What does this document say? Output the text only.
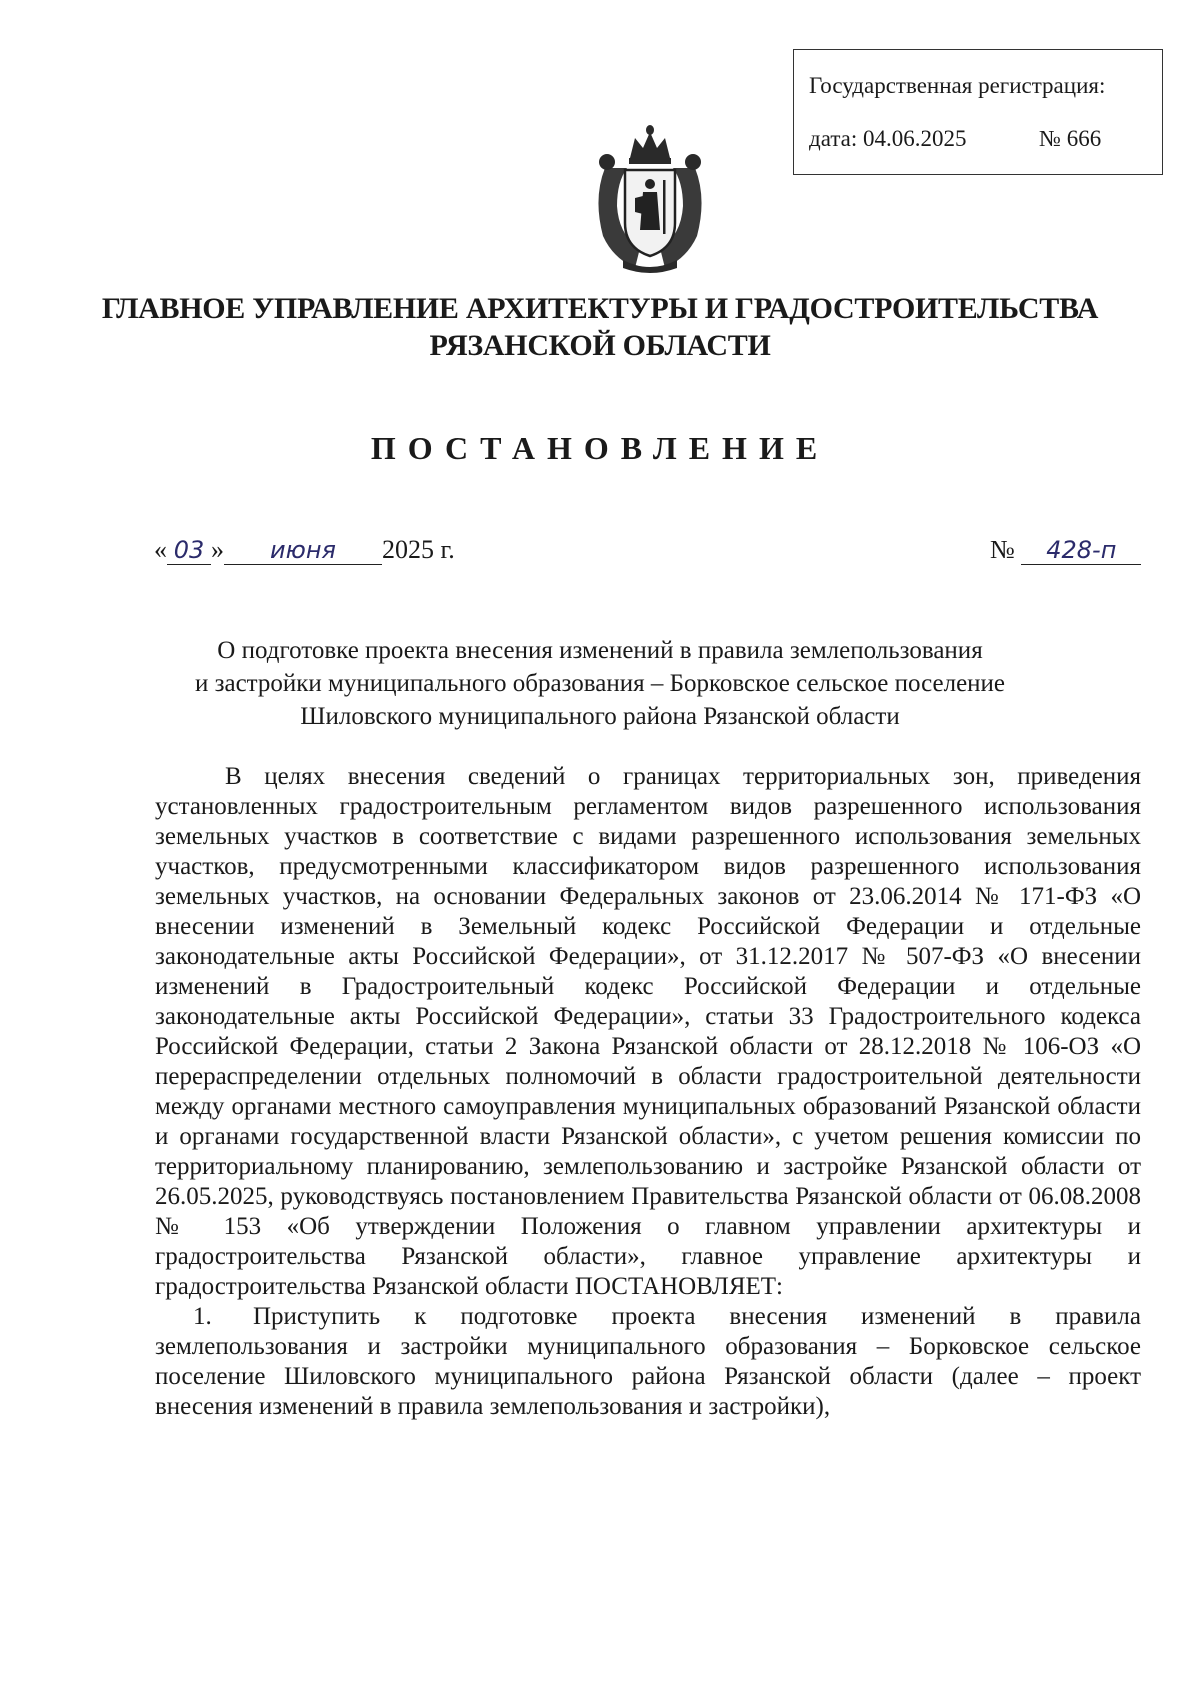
Государственная регистрация:
дата: 04.06.2025	№ 666
ГЛАВНОЕ УПРАВЛЕНИЕ АРХИТЕКТУРЫ И ГРАДОСТРОИТЕЛЬСТВА
РЯЗАНСКОЙ ОБЛАСТИ
ПОСТАНОВЛЕНИЕ
« 03 » июня 2025 г.	№ 428-п
О подготовке проекта внесения изменений в правила землепользования
и застройки муниципального образования – Борковское сельское поселение
Шиловского муниципального района Рязанской области

В целях внесения сведений о границах территориальных зон, приведения установленных градостроительным регламентом видов разрешенного использования земельных участков в соответствие с видами разрешенного использования земельных участков, предусмотренными классификатором видов разрешенного использования земельных участков, на основании Федеральных законов от 23.06.2014 № 171-ФЗ «О внесении изменений в Земельный кодекс Российской Федерации и отдельные законодательные акты Российской Федерации», от 31.12.2017 № 507-ФЗ «О внесении изменений в Градостроительный кодекс Российской Федерации и отдельные законодательные акты Российской Федерации», статьи 33 Градостроительного кодекса Российской Федерации, статьи 2 Закона Рязанской области от 28.12.2018 № 106-ОЗ «О перераспределении отдельных полномочий в области градостроительной деятельности между органами местного самоуправления муниципальных образований Рязанской области и органами государственной власти Рязанской области», с учетом решения комиссии по территориальному планированию, землепользованию и застройке Рязанской области от 26.05.2025, руководствуясь постановлением Правительства Рязанской области от 06.08.2008 № 153 «Об утверждении Положения о главном управлении архитектуры и градостроительства Рязанской области», главное управление архитектуры и градостроительства Рязанской области ПОСТАНОВЛЯЕТ:

1. Приступить к подготовке проекта внесения изменений в правила землепользования и застройки муниципального образования – Борковское сельское поселение Шиловского муниципального района Рязанской области (далее – проект внесения изменений в правила землепользования и застройки),
